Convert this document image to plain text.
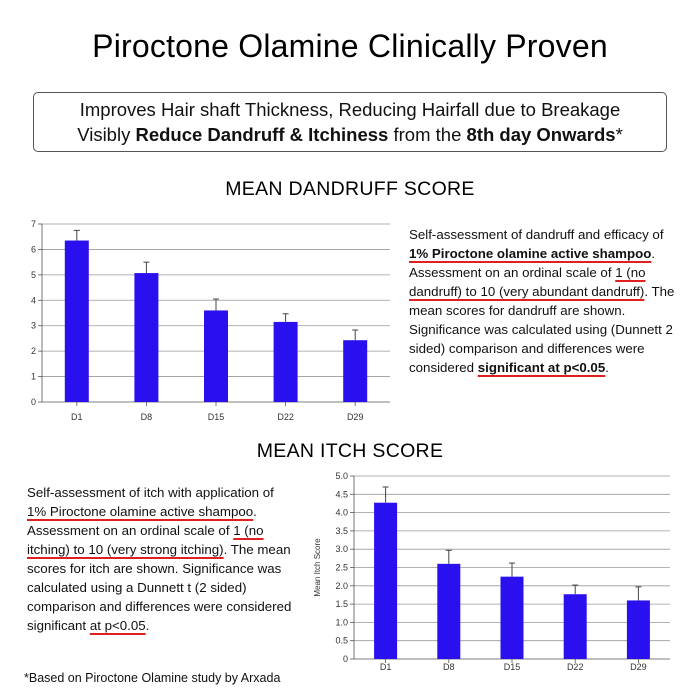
Piroctone Olamine Clinically Proven
Improves Hair shaft Thickness, Reducing Hairfall due to Breakage
Visibly Reduce Dandruff & Itchiness from the 8th day Onwards*
MEAN DANDRUFF SCORE
0
1
2
3
4
5
6
7
D1	D8	D15	D22	D29
Self-assessment of dandruff and efficacy of 1% Piroctone olamine active shampoo. Assessment on an ordinal scale of 1 (no dandruff) to 10 (very abundant dandruff). The mean scores for dandruff are shown. Significance was calculated using (Dunnett 2 sided) comparison and differences were considered significant at p<0.05.
MEAN ITCH SCORE
Self-assessment of itch with application of 1% Piroctone olamine active shampoo. Assessment on an ordinal scale of 1 (no itching) to 10 (very strong itching). The mean scores for itch are shown. Significance was calculated using a Dunnett t (2 sided) comparison and differences were considered significant at p<0.05.
0
0.5
1.0
1.5
2.0
2.5
3.0
3.5
4.0
4.5
5.0
Mean Itch Score
D1	D8	D15	D22	D29
*Based on Piroctone Olamine study by Arxada
